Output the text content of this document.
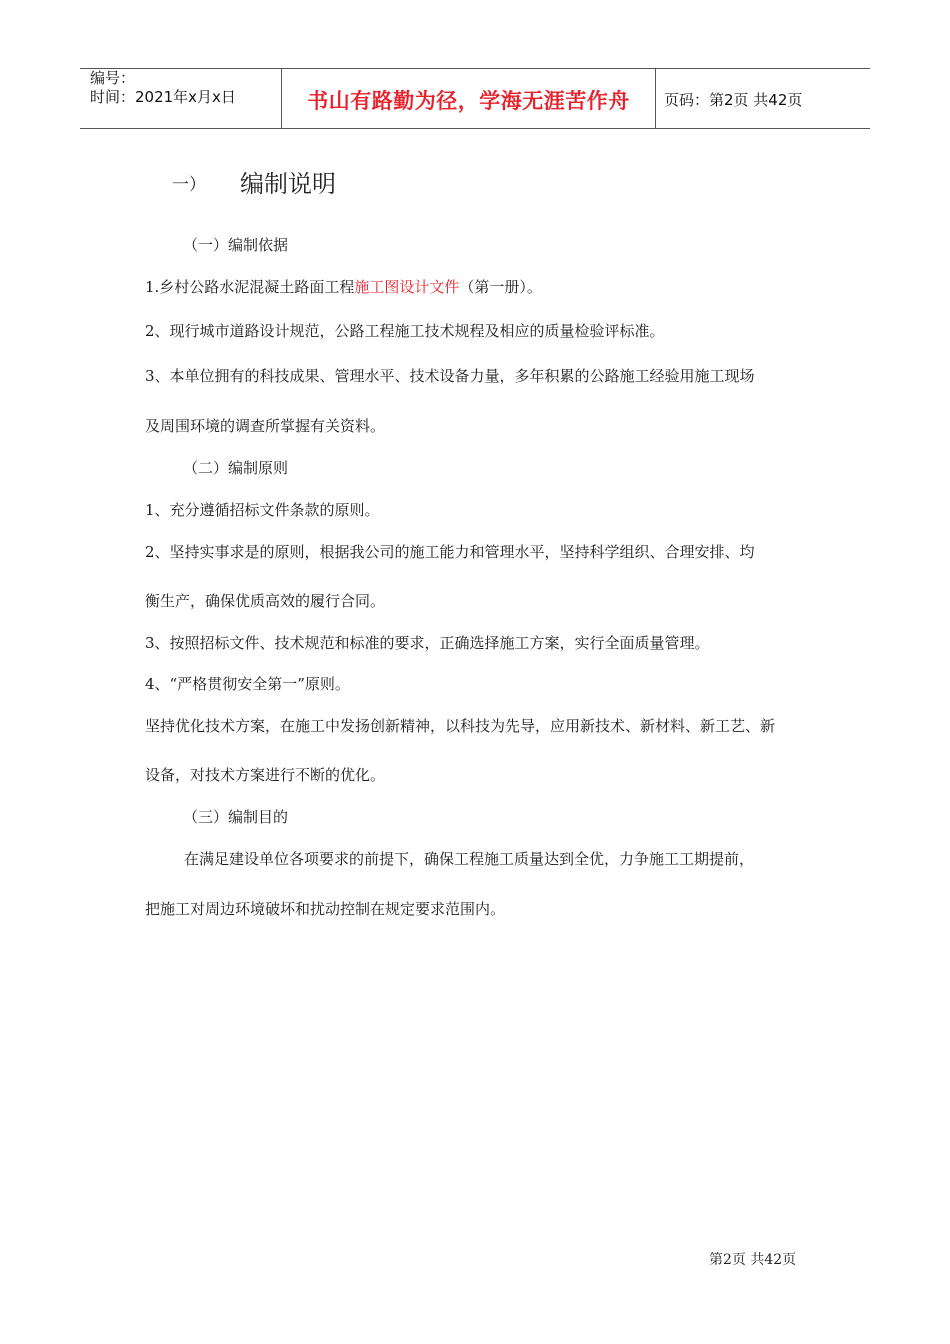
编号：
时间：2021年x月x日	书山有路勤为径，学海无涯苦作舟	页码：第2页 共42页
一） 编制说明
（一）编制依据
1.乡村公路水泥混凝土路面工程施工图设计文件（第一册）。
2、现行城市道路设计规范，公路工程施工技术规程及相应的质量检验评标准。
3、本单位拥有的科技成果、管理水平、技术设备力量，多年积累的公路施工经验用施工现场
及周围环境的调查所掌握有关资料。
（二）编制原则
1、充分遵循招标文件条款的原则。
2、坚持实事求是的原则，根据我公司的施工能力和管理水平，坚持科学组织、合理安排、均
衡生产，确保优质高效的履行合同。
3、按照招标文件、技术规范和标准的要求，正确选择施工方案，实行全面质量管理。
4、“严格贯彻安全第一”原则。
坚持优化技术方案，在施工中发扬创新精神，以科技为先导，应用新技术、新材料、新工艺、新
设备，对技术方案进行不断的优化。
（三）编制目的
在满足建设单位各项要求的前提下，确保工程施工质量达到全优，力争施工工期提前，
把施工对周边环境破坏和扰动控制在规定要求范围内。
第2页 共42页
